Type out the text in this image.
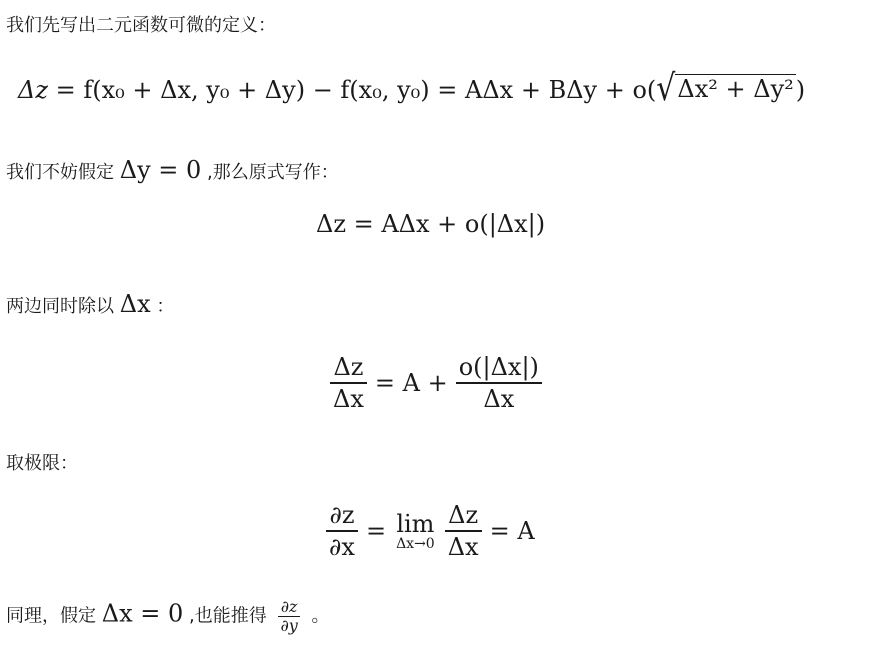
我们先写出二元函数可微的定义：
Δz = f(x₀ + Δx, y₀ + Δy) − f(x₀, y₀) = AΔx + BΔy + o( √ Δx² + Δy² )
我们不妨假定 Δy = 0 ,那么原式写作：
Δz = AΔx + o(|Δx|)
两边同时除以 Δx ：
$\frac{\Delta z}{\Delta x} = A + \frac{o(|\Delta x|)}{\Delta x}$
取极限：
$\frac{\partial z}{\partial x} = \lim$
$\Delta x\to 0 \frac{\Delta z}{\Delta x} = A$
同理，假定 Δx = 0 ,也能推得 $\frac{\partial z}{\partial y}$ 。
